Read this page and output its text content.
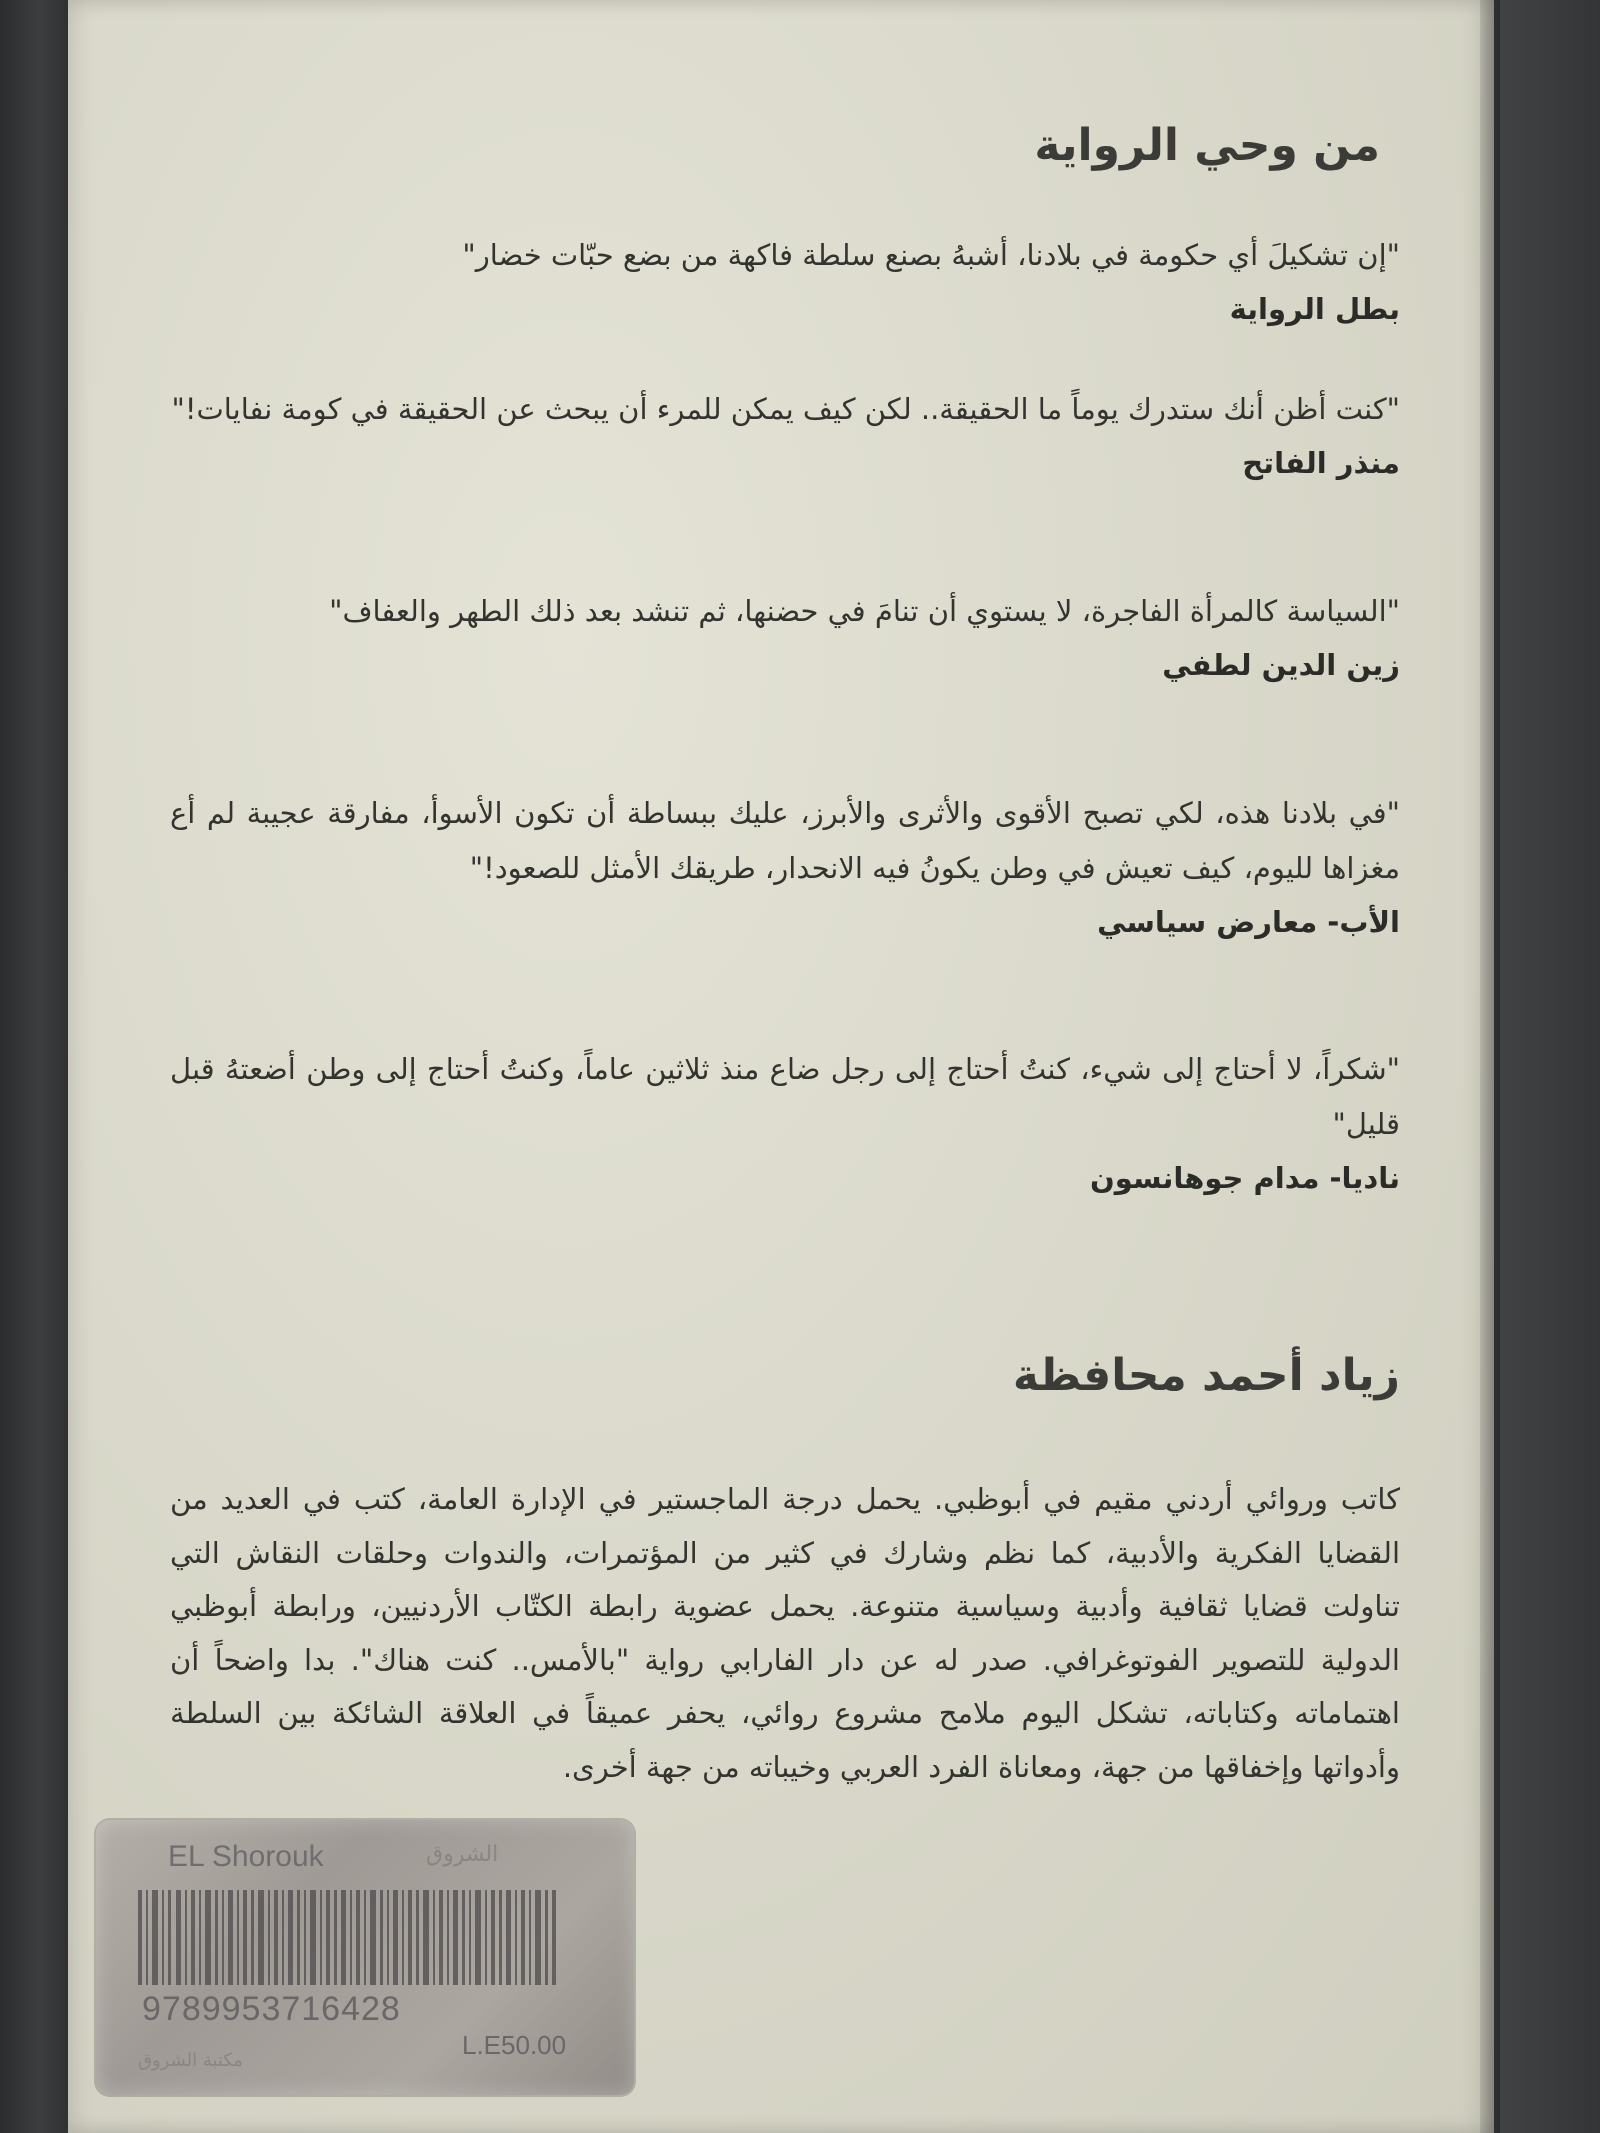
من وحي الرواية
"إن تشكيلَ أي حكومة في بلادنا، أشبهُ بصنع سلطة فاكهة من بضع حبّات خضار"
بطل الرواية
"كنت أظن أنك ستدرك يوماً ما الحقيقة.. لكن كيف يمكن للمرء أن يبحث عن الحقيقة في كومة نفايات!"
منذر الفاتح
"السياسة كالمرأة الفاجرة، لا يستوي أن تنامَ في حضنها، ثم تنشد بعد ذلك الطهر والعفاف"
زين الدين لطفي
"في بلادنا هذه، لكي تصبح الأقوى والأثرى والأبرز، عليك ببساطة أن تكون الأسوأ، مفارقة عجيبة لم أع مغزاها لليوم، كيف تعيش في وطن يكونُ فيه الانحدار، طريقك الأمثل للصعود!"
الأب- معارض سياسي
"شكراً، لا أحتاج إلى شيء، كنتُ أحتاج إلى رجل ضاع منذ ثلاثين عاماً، وكنتُ أحتاج إلى وطن أضعتهُ قبل قليل"
ناديا- مدام جوهانسون
زياد أحمد محافظة
كاتب وروائي أردني مقيم في أبوظبي. يحمل درجة الماجستير في الإدارة العامة، كتب في العديد من القضايا الفكرية والأدبية، كما نظم وشارك في كثير من المؤتمرات، والندوات وحلقات النقاش التي تناولت قضايا ثقافية وأدبية وسياسية متنوعة. يحمل عضوية رابطة الكتّاب الأردنيين، ورابطة أبوظبي الدولية للتصوير الفوتوغرافي. صدر له عن دار الفارابي رواية "بالأمس.. كنت هناك". بدا واضحاً أن اهتماماته وكتاباته، تشكل اليوم ملامح مشروع روائي، يحفر عميقاً في العلاقة الشائكة بين السلطة وأدواتها وإخفاقها من جهة، ومعاناة الفرد العربي وخيباته من جهة أخرى.
EL Shorouk	الشروق
9789953716428
L.E50.00
مكتبة الشروق
